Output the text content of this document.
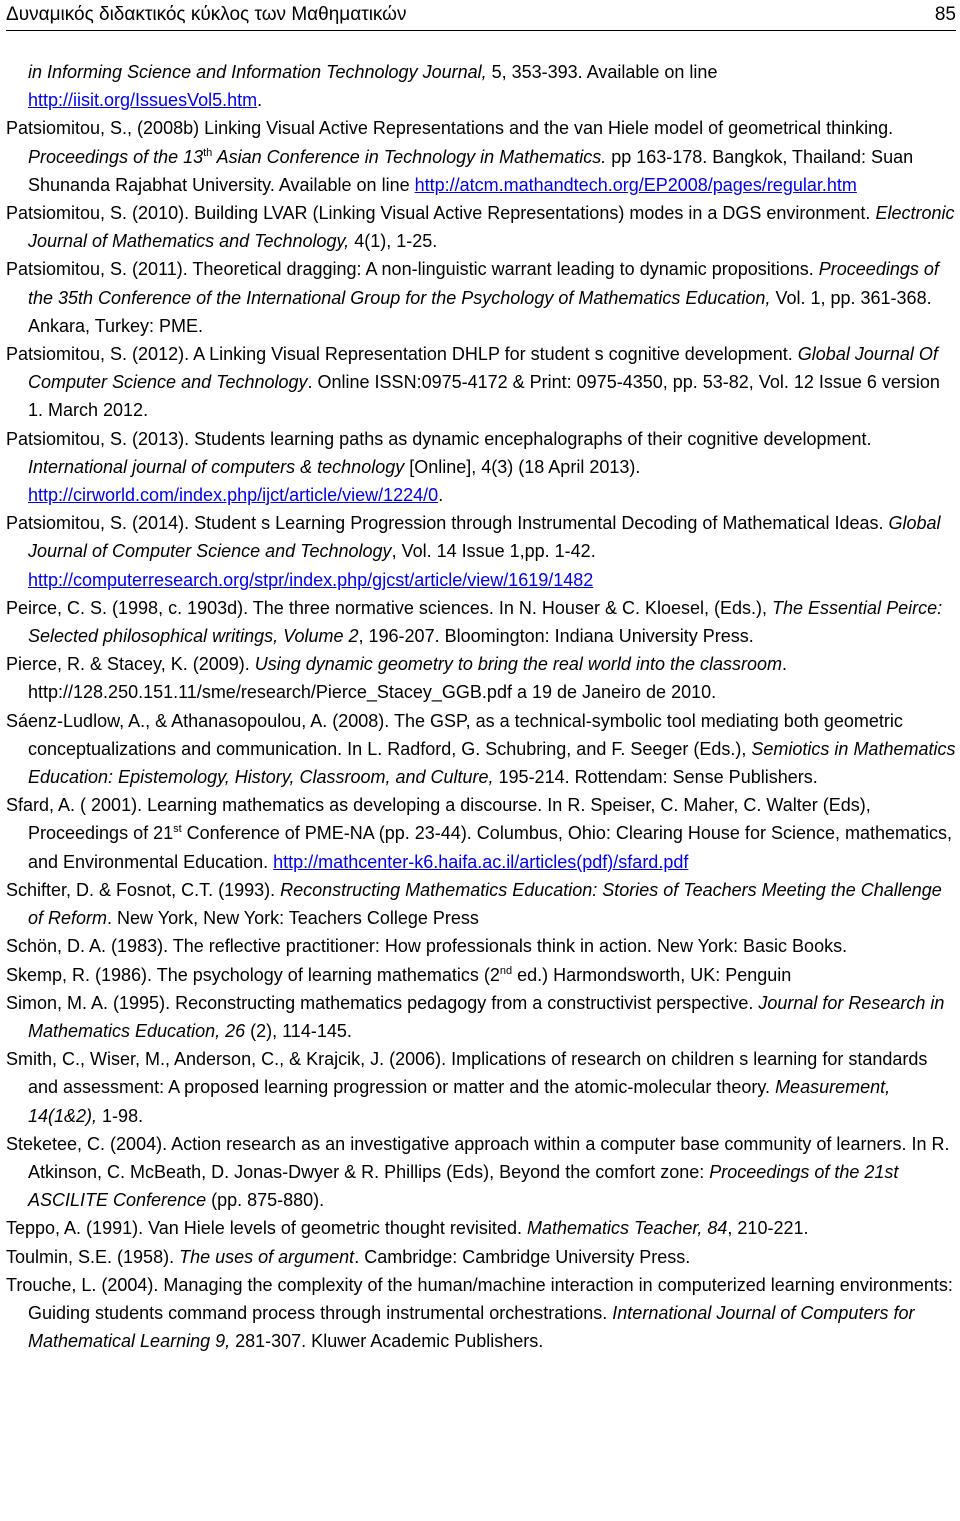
Δυναμικός διδακτικός κύκλος των Μαθηματικών	85
in Informing Science and Information Technology Journal, 5, 353-393. Available on line http://iisit.org/IssuesVol5.htm.
Patsiomitou, S., (2008b) Linking Visual Active Representations and the van Hiele model of geometrical thinking. Proceedings of the 13th Asian Conference in Technology in Mathematics. pp 163-178. Bangkok, Thailand: Suan Shunanda Rajabhat University. Available on line http://atcm.mathandtech.org/EP2008/pages/regular.htm
Patsiomitou, S. (2010). Building LVAR (Linking Visual Active Representations) modes in a DGS environment. Electronic Journal of Mathematics and Technology, 4(1), 1-25.
Patsiomitou, S. (2011). Theoretical dragging: A non-linguistic warrant leading to dynamic propositions. Proceedings of the 35th Conference of the International Group for the Psychology of Mathematics Education, Vol. 1, pp. 361-368. Ankara, Turkey: PME.
Patsiomitou, S. (2012). A Linking Visual Representation DHLP for student s cognitive development. Global Journal Of Computer Science and Technology. Online ISSN:0975-4172 & Print: 0975-4350, pp. 53-82, Vol. 12 Issue 6 version 1. March 2012.
Patsiomitou, S. (2013). Students learning paths as dynamic encephalographs of their cognitive development. International journal of computers & technology [Online], 4(3) (18 April 2013). http://cirworld.com/index.php/ijct/article/view/1224/0.
Patsiomitou, S. (2014). Student s Learning Progression through Instrumental Decoding of Mathematical Ideas. Global Journal of Computer Science and Technology, Vol. 14 Issue 1,pp. 1-42. http://computerresearch.org/stpr/index.php/gjcst/article/view/1619/1482
Peirce, C. S. (1998, c. 1903d). The three normative sciences. In N. Houser & C. Kloesel, (Eds.), The Essential Peirce: Selected philosophical writings, Volume 2, 196-207. Bloomington: Indiana University Press.
Pierce, R. & Stacey, K. (2009). Using dynamic geometry to bring the real world into the classroom. http://128.250.151.11/sme/research/Pierce_Stacey_GGB.pdf a 19 de Janeiro de 2010.
Sáenz-Ludlow, A., & Athanasopoulou, A. (2008). The GSP, as a technical-symbolic tool mediating both geometric conceptualizations and communication. In L. Radford, G. Schubring, and F. Seeger (Eds.), Semiotics in Mathematics Education: Epistemology, History, Classroom, and Culture, 195-214. Rottendam: Sense Publishers.
Sfard, A. ( 2001). Learning mathematics as developing a discourse. In R. Speiser, C. Maher, C. Walter (Eds), Proceedings of 21st Conference of PME-NA (pp. 23-44). Columbus, Ohio: Clearing House for Science, mathematics, and Environmental Education. http://mathcenter-k6.haifa.ac.il/articles(pdf)/sfard.pdf
Schifter, D. & Fosnot, C.T. (1993). Reconstructing Mathematics Education: Stories of Teachers Meeting the Challenge of Reform. New York, New York: Teachers College Press
Schön, D. A. (1983). The reflective practitioner: How professionals think in action. New York: Basic Books.
Skemp, R. (1986). The psychology of learning mathematics (2nd ed.) Harmondsworth, UK: Penguin
Simon, M. A. (1995). Reconstructing mathematics pedagogy from a constructivist perspective. Journal for Research in Mathematics Education, 26 (2), 114-145.
Smith, C., Wiser, M., Anderson, C., & Krajcik, J. (2006). Implications of research on children s learning for standards and assessment: A proposed learning progression or matter and the atomic-molecular theory. Measurement, 14(1&2), 1-98.
Steketee, C. (2004). Action research as an investigative approach within a computer base community of learners. In R. Atkinson, C. McBeath, D. Jonas-Dwyer & R. Phillips (Eds), Beyond the comfort zone: Proceedings of the 21st ASCILITE Conference (pp. 875-880).
Teppo, A. (1991). Van Hiele levels of geometric thought revisited. Mathematics Teacher, 84, 210-221.
Toulmin, S.E. (1958). The uses of argument. Cambridge: Cambridge University Press.
Trouche, L. (2004). Managing the complexity of the human/machine interaction in computerized learning environments: Guiding students command process through instrumental orchestrations. International Journal of Computers for Mathematical Learning 9, 281-307. Kluwer Academic Publishers.
